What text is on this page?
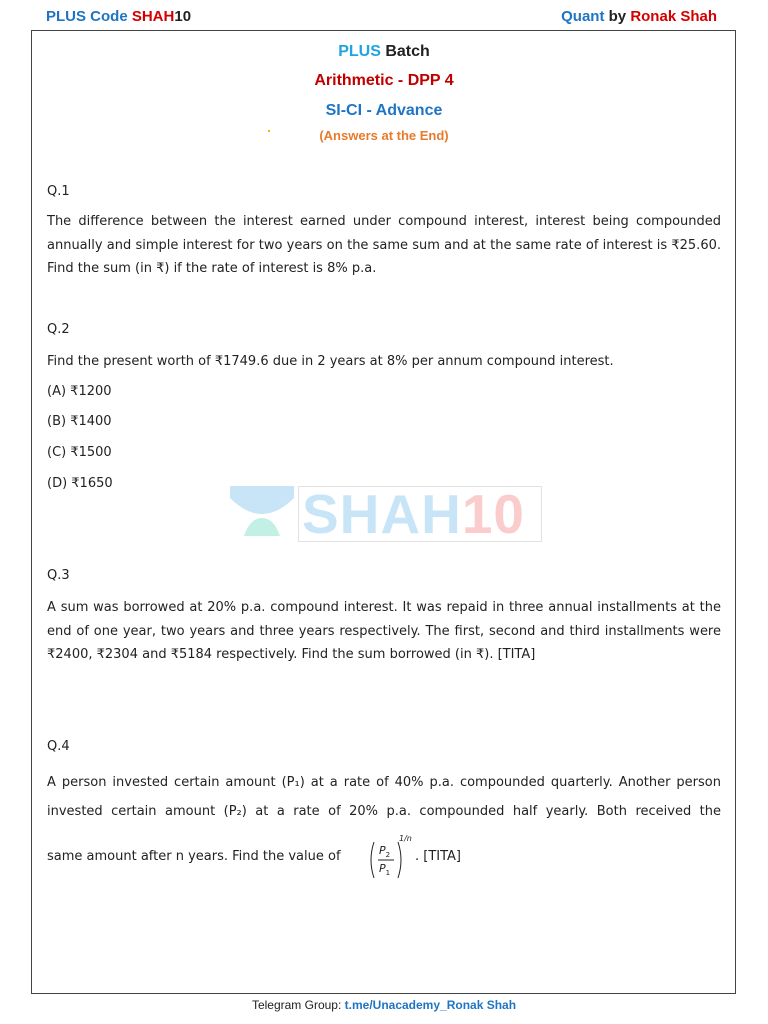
PLUS Code SHAH10	Quant by Ronak Shah
PLUS Batch
Arithmetic - DPP 4
SI-CI - Advance
(Answers at the End)
SHAH10
Q.1
The difference between the interest earned under compound interest, interest being compounded annually and simple interest for two years on the same sum and at the same rate of interest is ₹25.60. Find the sum (in ₹) if the rate of interest is 8% p.a.
Q.2
Find the present worth of ₹1749.6 due in 2 years at 8% per annum compound interest.
(A) ₹1200
(B) ₹1400
(C) ₹1500
(D) ₹1650
Q.3
A sum was borrowed at 20% p.a. compound interest. It was repaid in three annual installments at the end of one year, two years and three years respectively. The first, second and third installments were ₹2400, ₹2304 and ₹5184 respectively. Find the sum borrowed (in ₹). [TITA]
Q.4
A person invested certain amount (P₁) at a rate of 40% p.a. compounded quarterly. Another person
invested certain amount (P₂) at a rate of 20% p.a. compounded half yearly. Both received the
same amount after n years. Find the value of	$P_2$
$P_1$
1/n
. [TITA]
Telegram Group: t.me/Unacademy_Ronak Shah
